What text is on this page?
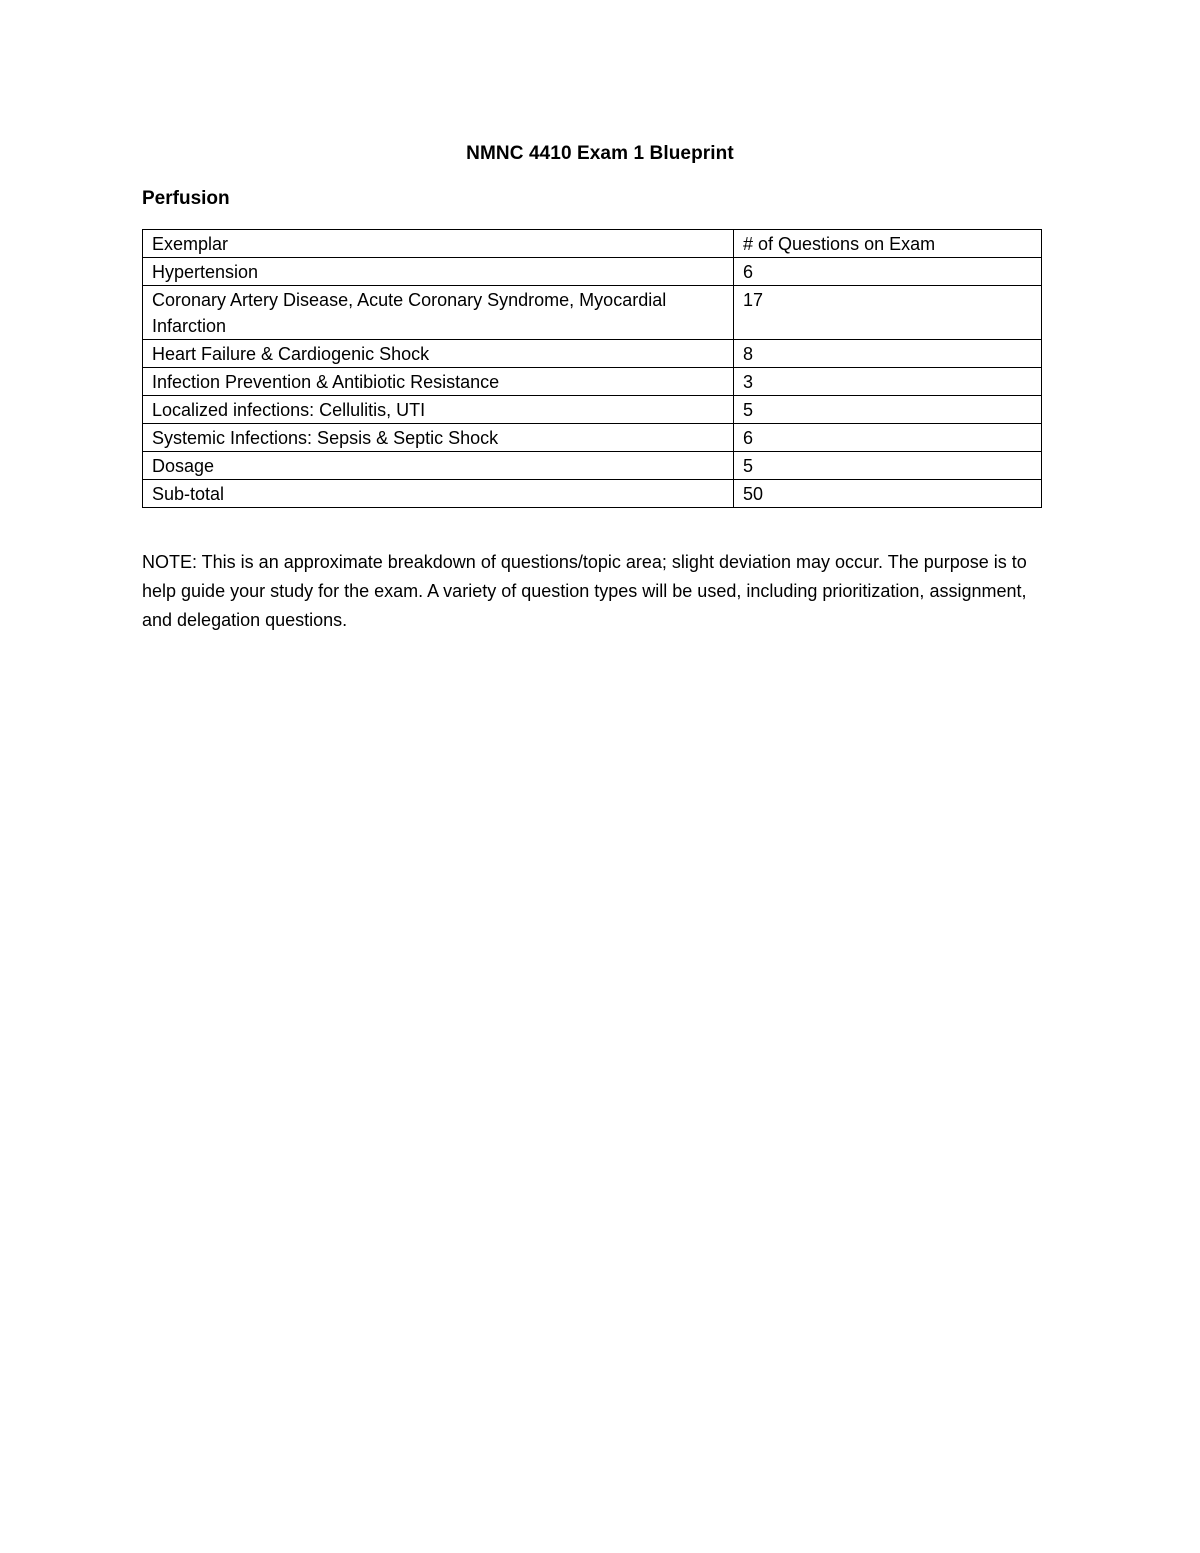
NMNC 4410 Exam 1 Blueprint
Perfusion
Exemplar	# of Questions on Exam
Hypertension	6
Coronary Artery Disease, Acute Coronary Syndrome, Myocardial Infarction	17
Heart Failure & Cardiogenic Shock	8
Infection Prevention & Antibiotic Resistance	3
Localized infections: Cellulitis, UTI	5
Systemic Infections: Sepsis & Septic Shock	6
Dosage	5
Sub-total	50
NOTE: This is an approximate breakdown of questions/topic area; slight deviation may occur. The purpose is to help guide your study for the exam. A variety of question types will be used, including prioritization, assignment, and delegation questions.
